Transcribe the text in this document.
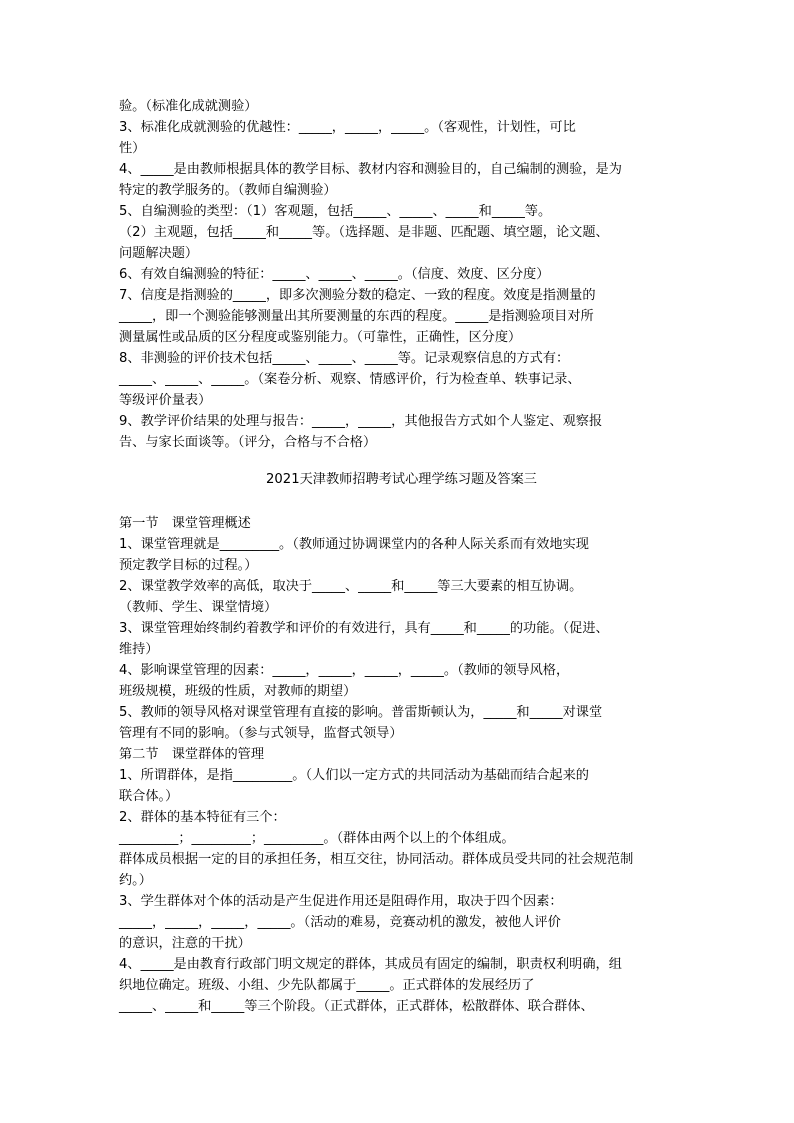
验。（标准化成就测验）
3、标准化成就测验的优越性：_____，_____，_____。（客观性，计划性，可比
性）
4、_____是由教师根据具体的教学目标、教材内容和测验目的，自己编制的测验，是为
特定的教学服务的。（教师自编测验）
5、自编测验的类型：（1）客观题，包括_____、_____、_____和_____等。
（2）主观题，包括_____和_____等。（选择题、是非题、匹配题、填空题，论文题、
问题解决题）
6、有效自编测验的特征：_____、_____、_____。（信度、效度、区分度）
7、信度是指测验的_____，即多次测验分数的稳定、一致的程度。效度是指测量的
_____，即一个测验能够测量出其所要测量的东西的程度。_____是指测验项目对所
测量属性或品质的区分程度或鉴别能力。（可靠性，正确性，区分度）
8、非测验的评价技术包括_____、_____、_____等。记录观察信息的方式有：
_____、_____、_____。（案卷分析、观察、情感评价，行为检查单、轶事记录、
等级评价量表）
9、教学评价结果的处理与报告：_____，_____，其他报告方式如个人鉴定、观察报
告、与家长面谈等。（评分，合格与不合格）
2021天津教师招聘考试心理学练习题及答案三
第一节　课堂管理概述
1、课堂管理就是_________。（教师通过协调课堂内的各种人际关系而有效地实现
预定教学目标的过程。）
2、课堂教学效率的高低，取决于_____、_____和_____等三大要素的相互协调。
（教师、学生、课堂情境）
3、课堂管理始终制约着教学和评价的有效进行，具有_____和_____的功能。（促进、
维持）
4、影响课堂管理的因素：_____，_____，_____，_____。（教师的领导风格，
班级规模，班级的性质，对教师的期望）
5、教师的领导风格对课堂管理有直接的影响。普雷斯顿认为，_____和_____对课堂
管理有不同的影响。（参与式领导，监督式领导）
第二节　课堂群体的管理
1、所谓群体，是指_________。（人们以一定方式的共同活动为基础而结合起来的
联合体。）
2、群体的基本特征有三个：
_________；_________；_________。（群体由两个以上的个体组成。
群体成员根据一定的目的承担任务，相互交往，协同活动。群体成员受共同的社会规范制
约。）
3、学生群体对个体的活动是产生促进作用还是阻碍作用，取决于四个因素：
_____，_____，_____，_____。（活动的难易，竞赛动机的激发，被他人评价
的意识，注意的干扰）
4、_____是由教育行政部门明文规定的群体，其成员有固定的编制，职责权利明确，组
织地位确定。班级、小组、少先队都属于_____。正式群体的发展经历了
_____、_____和_____等三个阶段。（正式群体，正式群体，松散群体、联合群体、
